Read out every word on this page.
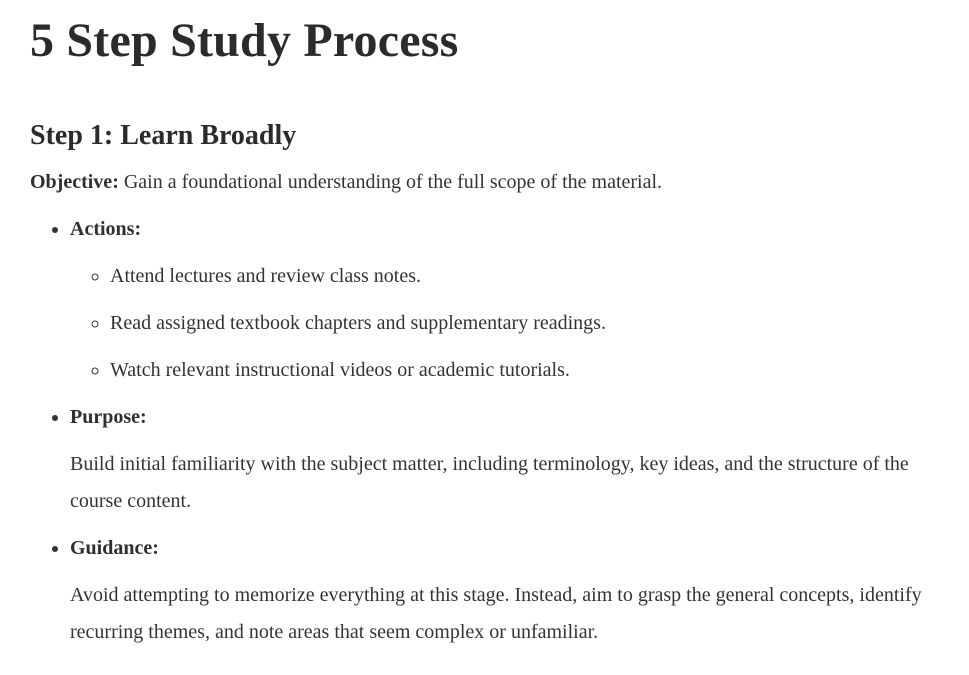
5 Step Study Process
Step 1: Learn Broadly

Objective: Gain a foundational understanding of the full scope of the material.

• Actions:
◦ Attend lectures and review class notes.
◦ Read assigned textbook chapters and supplementary readings.
◦ Watch relevant instructional videos or academic tutorials.
• Purpose:

Build initial familiarity with the subject matter, including terminology, key ideas, and the structure of the course content.

• Guidance:

Avoid attempting to memorize everything at this stage. Instead, aim to grasp the general concepts, identify recurring themes, and note areas that seem complex or unfamiliar.
